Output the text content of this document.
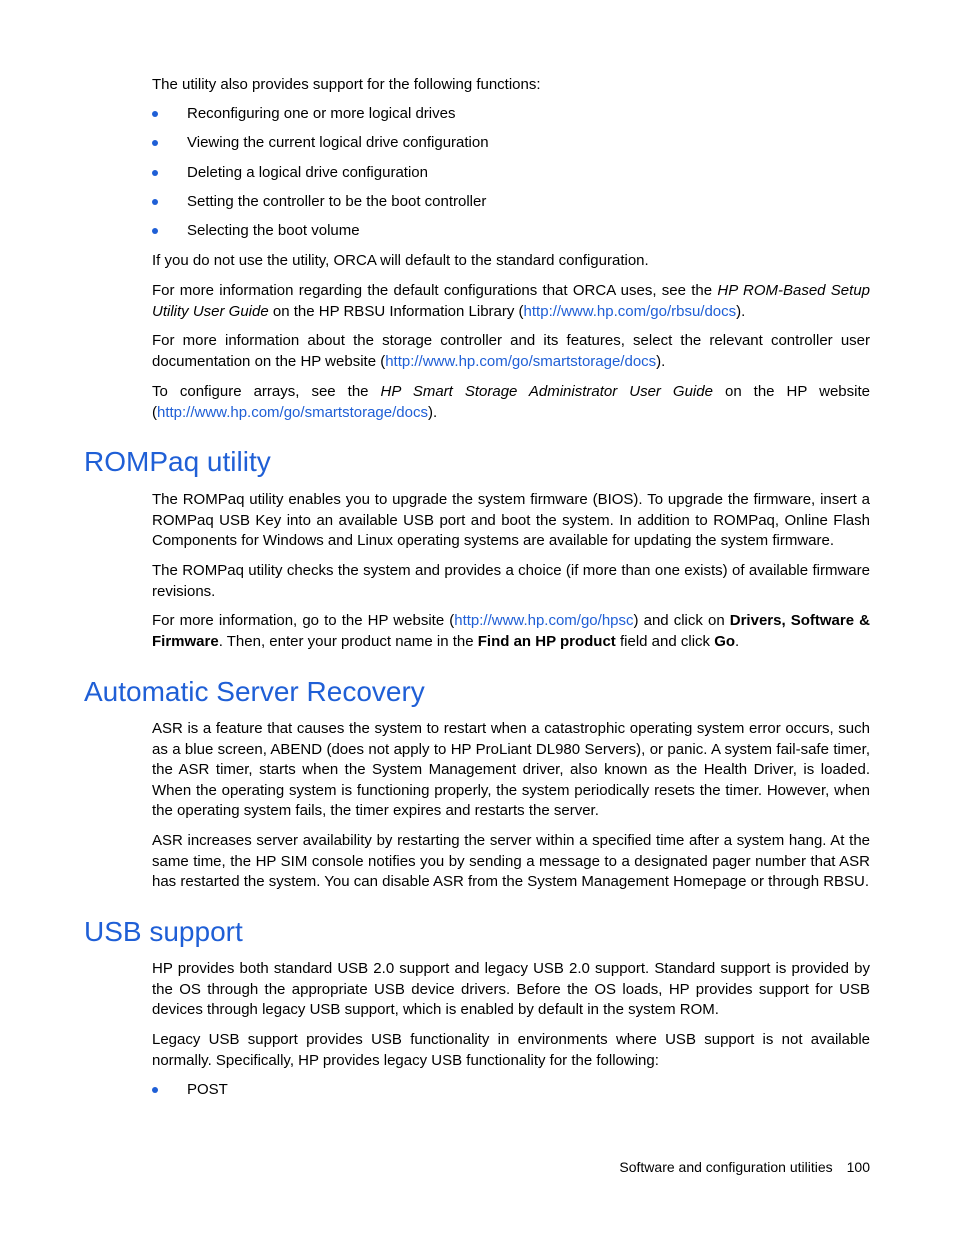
The utility also provides support for the following functions:

Reconfiguring one or more logical drives
Viewing the current logical drive configuration
Deleting a logical drive configuration
Setting the controller to be the boot controller
Selecting the boot volume

If you do not use the utility, ORCA will default to the standard configuration.

For more information regarding the default configurations that ORCA uses, see the HP ROM-Based Setup Utility User Guide on the HP RBSU Information Library (http://www.hp.com/go/rbsu/docs).

For more information about the storage controller and its features, select the relevant controller user documentation on the HP website (http://www.hp.com/go/smartstorage/docs).

To configure arrays, see the HP Smart Storage Administrator User Guide on the HP website (http://www.hp.com/go/smartstorage/docs).

ROMPaq utility

The ROMPaq utility enables you to upgrade the system firmware (BIOS). To upgrade the firmware, insert a ROMPaq USB Key into an available USB port and boot the system. In addition to ROMPaq, Online Flash Components for Windows and Linux operating systems are available for updating the system firmware.

The ROMPaq utility checks the system and provides a choice (if more than one exists) of available firmware revisions.

For more information, go to the HP website (http://www.hp.com/go/hpsc) and click on Drivers, Software & Firmware. Then, enter your product name in the Find an HP product field and click Go.

Automatic Server Recovery

ASR is a feature that causes the system to restart when a catastrophic operating system error occurs, such as a blue screen, ABEND (does not apply to HP ProLiant DL980 Servers), or panic. A system fail-safe timer, the ASR timer, starts when the System Management driver, also known as the Health Driver, is loaded. When the operating system is functioning properly, the system periodically resets the timer. However, when the operating system fails, the timer expires and restarts the server.

ASR increases server availability by restarting the server within a specified time after a system hang. At the same time, the HP SIM console notifies you by sending a message to a designated pager number that ASR has restarted the system. You can disable ASR from the System Management Homepage or through RBSU.

USB support

HP provides both standard USB 2.0 support and legacy USB 2.0 support. Standard support is provided by the OS through the appropriate USB device drivers. Before the OS loads, HP provides support for USB devices through legacy USB support, which is enabled by default in the system ROM.

Legacy USB support provides USB functionality in environments where USB support is not available normally. Specifically, HP provides legacy USB functionality for the following:

POST
Software and configuration utilities 100
